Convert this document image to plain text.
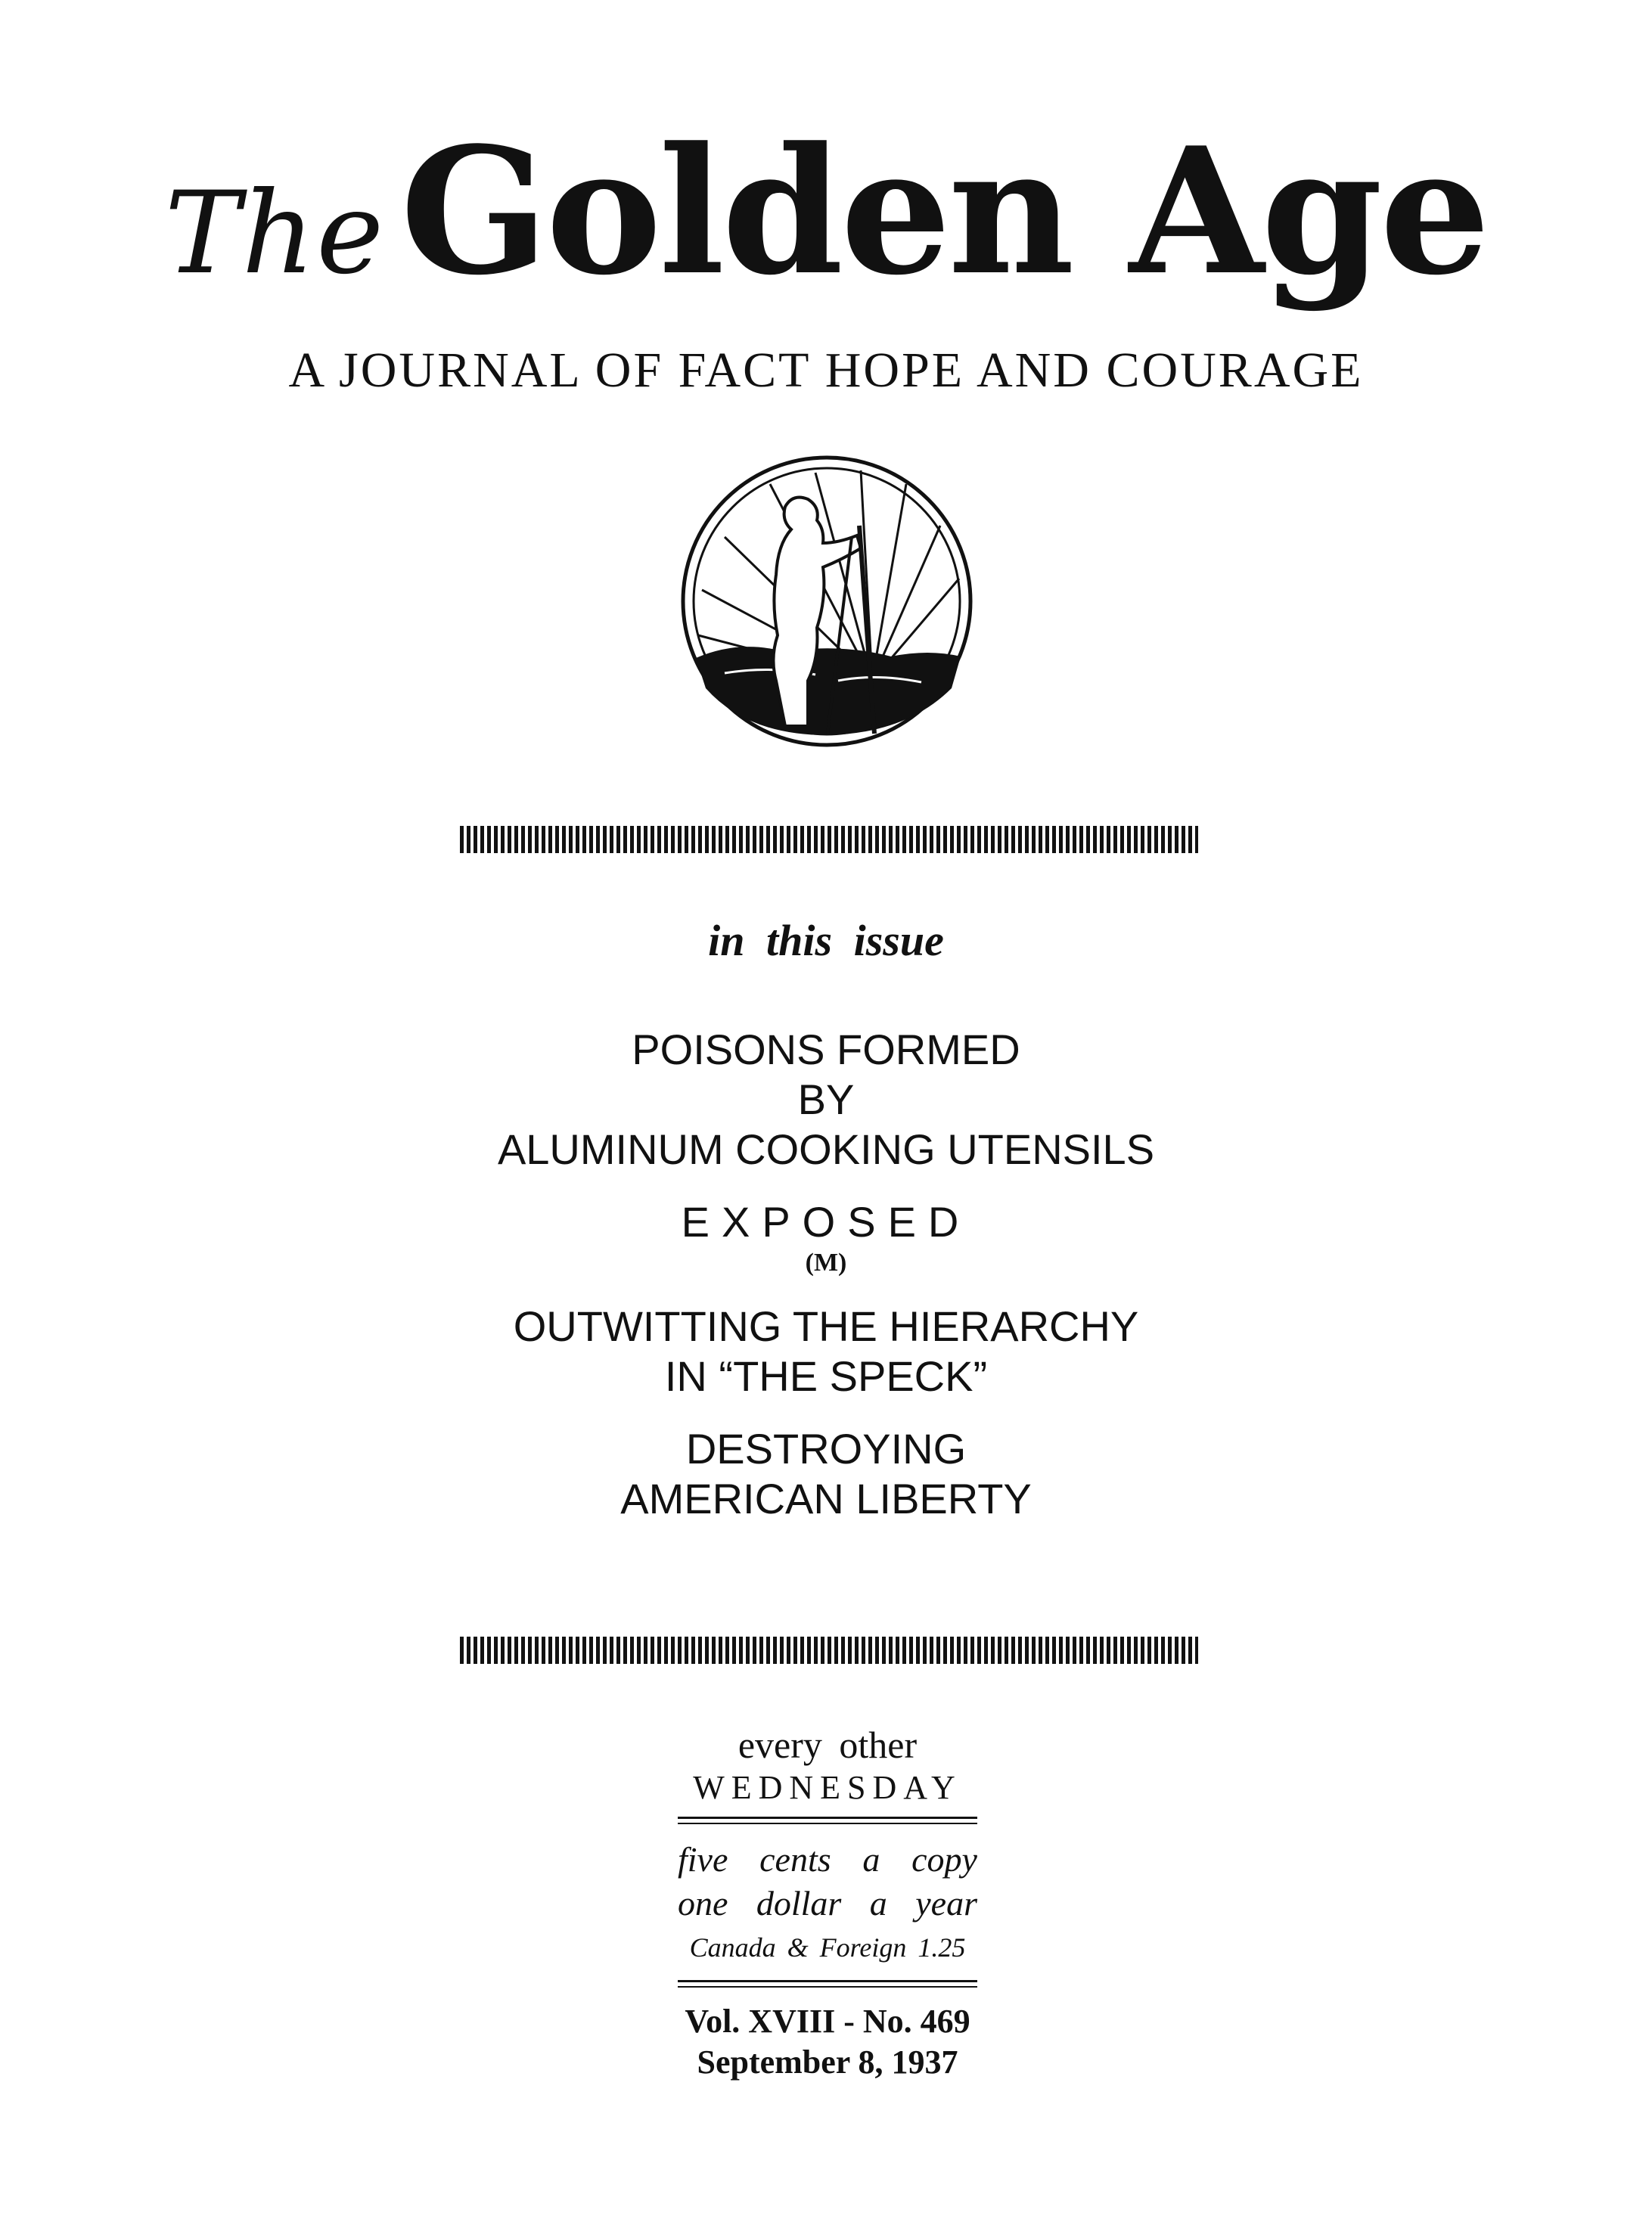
TheGolden Age
A JOURNAL OF FACT HOPE AND COURAGE
in this issue
POISONS FORMED
BY
ALUMINUM COOKING UTENSILS
EXPOSED
(M)
OUTWITTING THE HIERARCHY
IN “THE SPECK”
DESTROYING
AMERICAN LIBERTY
every other
WEDNESDAY
five cents a copy
one dollar a year
Canada & Foreign 1.25
Vol. XVIII - No. 469
September 8, 1937
